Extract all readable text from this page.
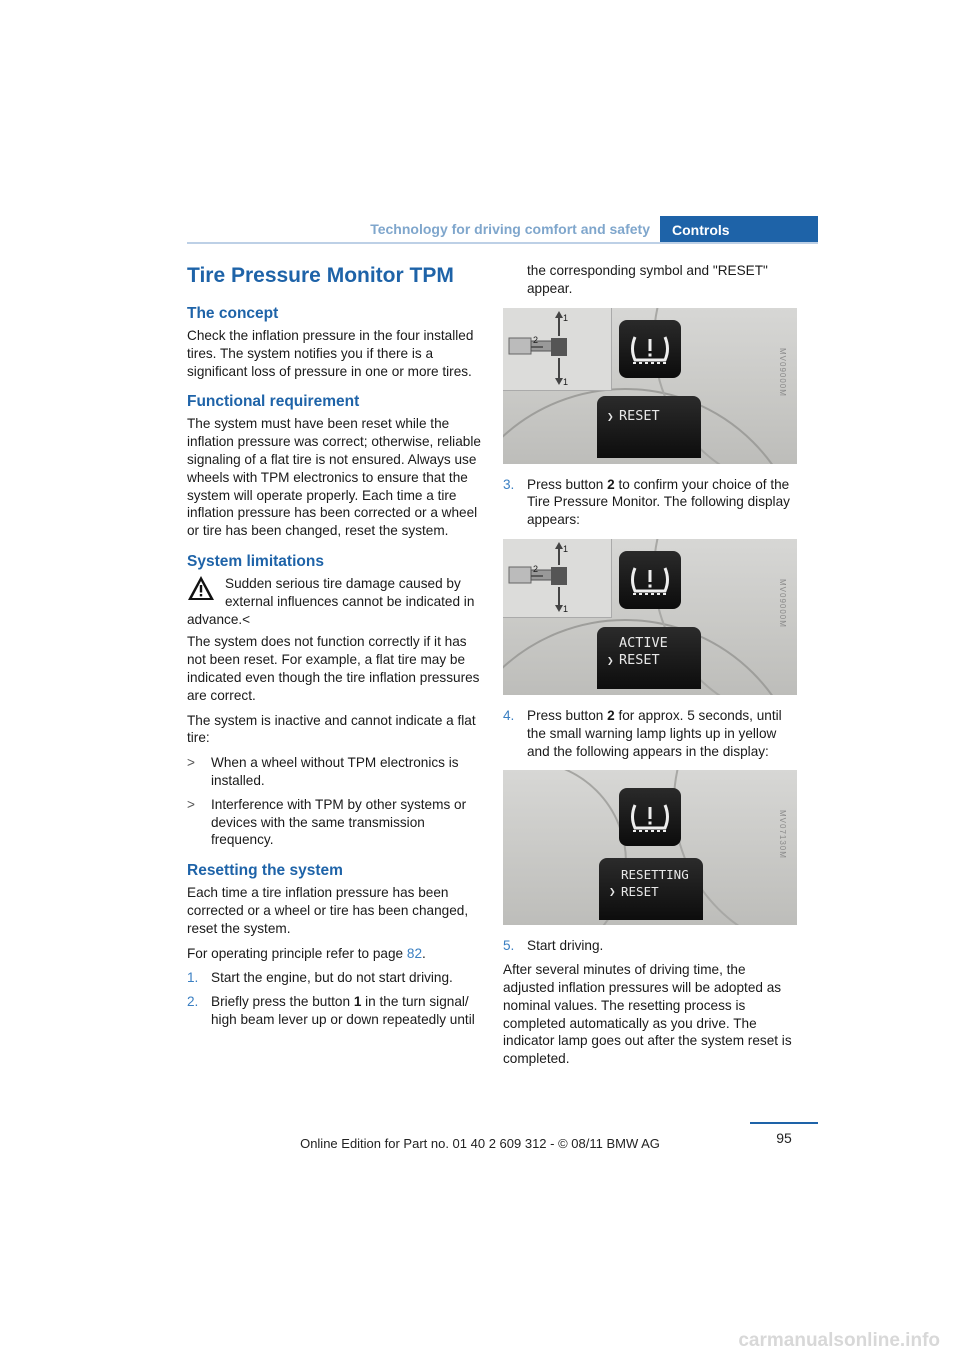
Technology for driving comfort and safety	Controls
Tire Pressure Monitor TPM
The concept

Check the inflation pressure in the four installed tires. The system notifies you if there is a significant loss of pressure in one or more tires.

Functional requirement

The system must have been reset while the inflation pressure was correct; otherwise, reliable signaling of a flat tire is not ensured. Always use wheels with TPM electronics to ensure that the system will operate properly. Each time a tire inflation pressure has been corrected or a wheel or tire has been changed, reset the system.

System limitations
Sudden serious tire damage caused by external influences cannot be indicated in
advance.<

The system does not function correctly if it has not been reset. For example, a flat tire may be indicated even though the tire inflation pressures are correct.

The system is inactive and cannot indicate a flat tire:

> When a wheel without TPM electronics is installed.
> Interference with TPM by other systems or devices with the same transmission frequency.
Resetting the system

Each time a tire inflation pressure has been corrected or a wheel or tire has been changed, reset the system.

For operating principle refer to page 82.

1. Start the engine, but do not start driving.
2. Briefly press the button 1 in the turn signal/ high beam lever up or down repeatedly until

the corresponding symbol and "RESET" appear.

1
2
1
❯ RESET
MV09000M
3. Press button 2 to confirm your choice of the Tire Pressure Monitor. The following display appears:
1
2
1
ACTIVE
❯ RESET
MV09000M
4. Press button 2 for approx. 5 seconds, until the small warning lamp lights up in yellow and the following appears in the display:
RESETTING
❯ RESET
MV07130M
5. Start driving.

After several minutes of driving time, the adjusted inflation pressures will be adopted as nominal values. The resetting process is completed automatically as you drive. The indicator lamp goes out after the system reset is completed.

95
Online Edition for Part no. 01 40 2 609 312 - © 08/11 BMW AG
carmanualsonline.info
